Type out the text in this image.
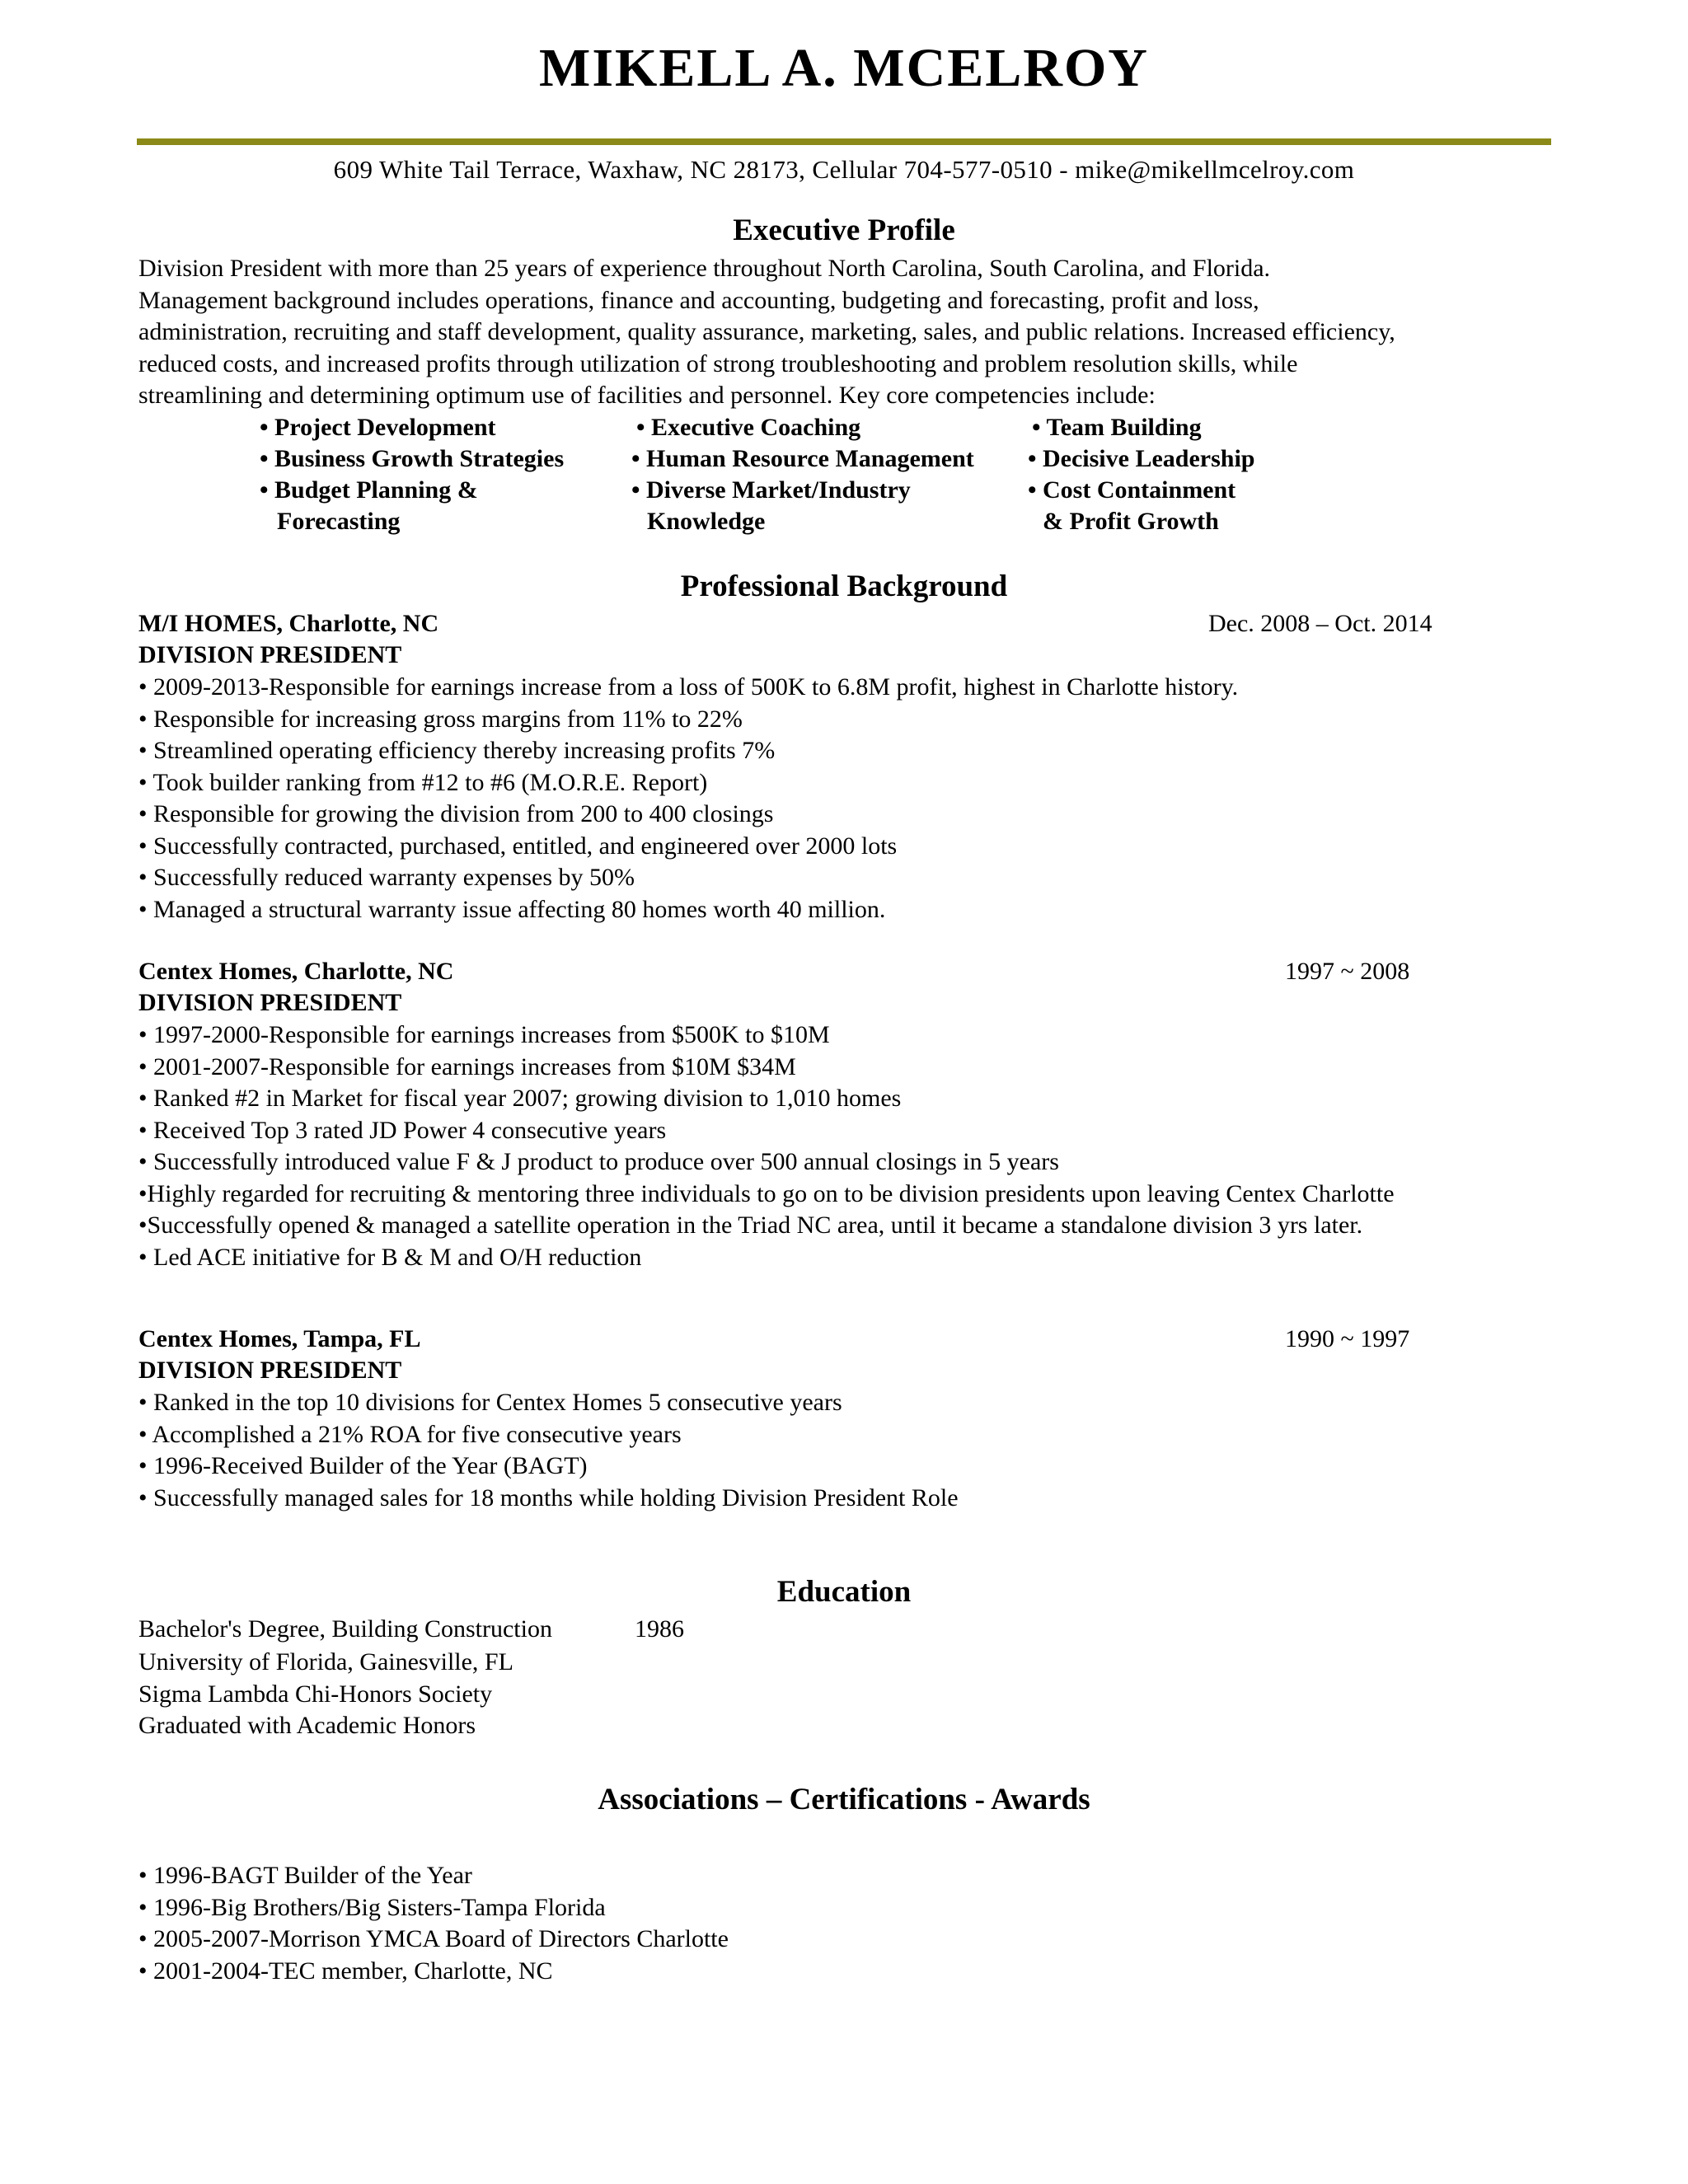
MIKELL A. MCELROY
609 White Tail Terrace, Waxhaw, NC 28173, Cellular 704-577-0510 - mike@mikellmcelroy.com
Executive Profile
Division President with more than 25 years of experience throughout North Carolina, South Carolina, and Florida.
Management background includes operations, finance and accounting, budgeting and forecasting, profit and loss,
administration, recruiting and staff development, quality assurance, marketing, sales, and public relations. Increased efficiency,
reduced costs, and increased profits through utilization of strong troubleshooting and problem resolution skills, while
streamlining and determining optimum use of facilities and personnel. Key core competencies include:
• Project Development	• Executive Coaching	• Team Building
• Business Growth Strategies	• Human Resource Management • Decisive Leadership
• Budget Planning &	• Diverse Market/Industry	• Cost Containment
Forecasting	Knowledge	& Profit Growth
Professional Background
M/I HOMES, Charlotte, NC	Dec. 2008 – Oct. 2014
DIVISION PRESIDENT
• 2009-2013-Responsible for earnings increase from a loss of 500K to 6.8M profit, highest in Charlotte history.
• Responsible for increasing gross margins from 11% to 22%
• Streamlined operating efficiency thereby increasing profits 7%
• Took builder ranking from #12 to #6 (M.O.R.E. Report)
• Responsible for growing the division from 200 to 400 closings
• Successfully contracted, purchased, entitled, and engineered over 2000 lots
• Successfully reduced warranty expenses by 50%
• Managed a structural warranty issue affecting 80 homes worth 40 million.
Centex Homes, Charlotte, NC	1997 ~ 2008
DIVISION PRESIDENT
• 1997-2000-Responsible for earnings increases from $500K to $10M
• 2001-2007-Responsible for earnings increases from $10M $34M
• Ranked #2 in Market for fiscal year 2007; growing division to 1,010 homes
• Received Top 3 rated JD Power 4 consecutive years
• Successfully introduced value F & J product to produce over 500 annual closings in 5 years
•Highly regarded for recruiting & mentoring three individuals to go on to be division presidents upon leaving Centex Charlotte
•Successfully opened & managed a satellite operation in the Triad NC area, until it became a standalone division 3 yrs later.
• Led ACE initiative for B & M and O/H reduction
Centex Homes, Tampa, FL	1990 ~ 1997
DIVISION PRESIDENT
• Ranked in the top 10 divisions for Centex Homes 5 consecutive years
• Accomplished a 21% ROA for five consecutive years
• 1996-Received Builder of the Year (BAGT)
• Successfully managed sales for 18 months while holding Division President Role
Education
Bachelor's Degree, Building Construction	1986
University of Florida, Gainesville, FL
Sigma Lambda Chi-Honors Society
Graduated with Academic Honors
Associations – Certifications - Awards
• 1996-BAGT Builder of the Year
• 1996-Big Brothers/Big Sisters-Tampa Florida
• 2005-2007-Morrison YMCA Board of Directors Charlotte
• 2001-2004-TEC member, Charlotte, NC
